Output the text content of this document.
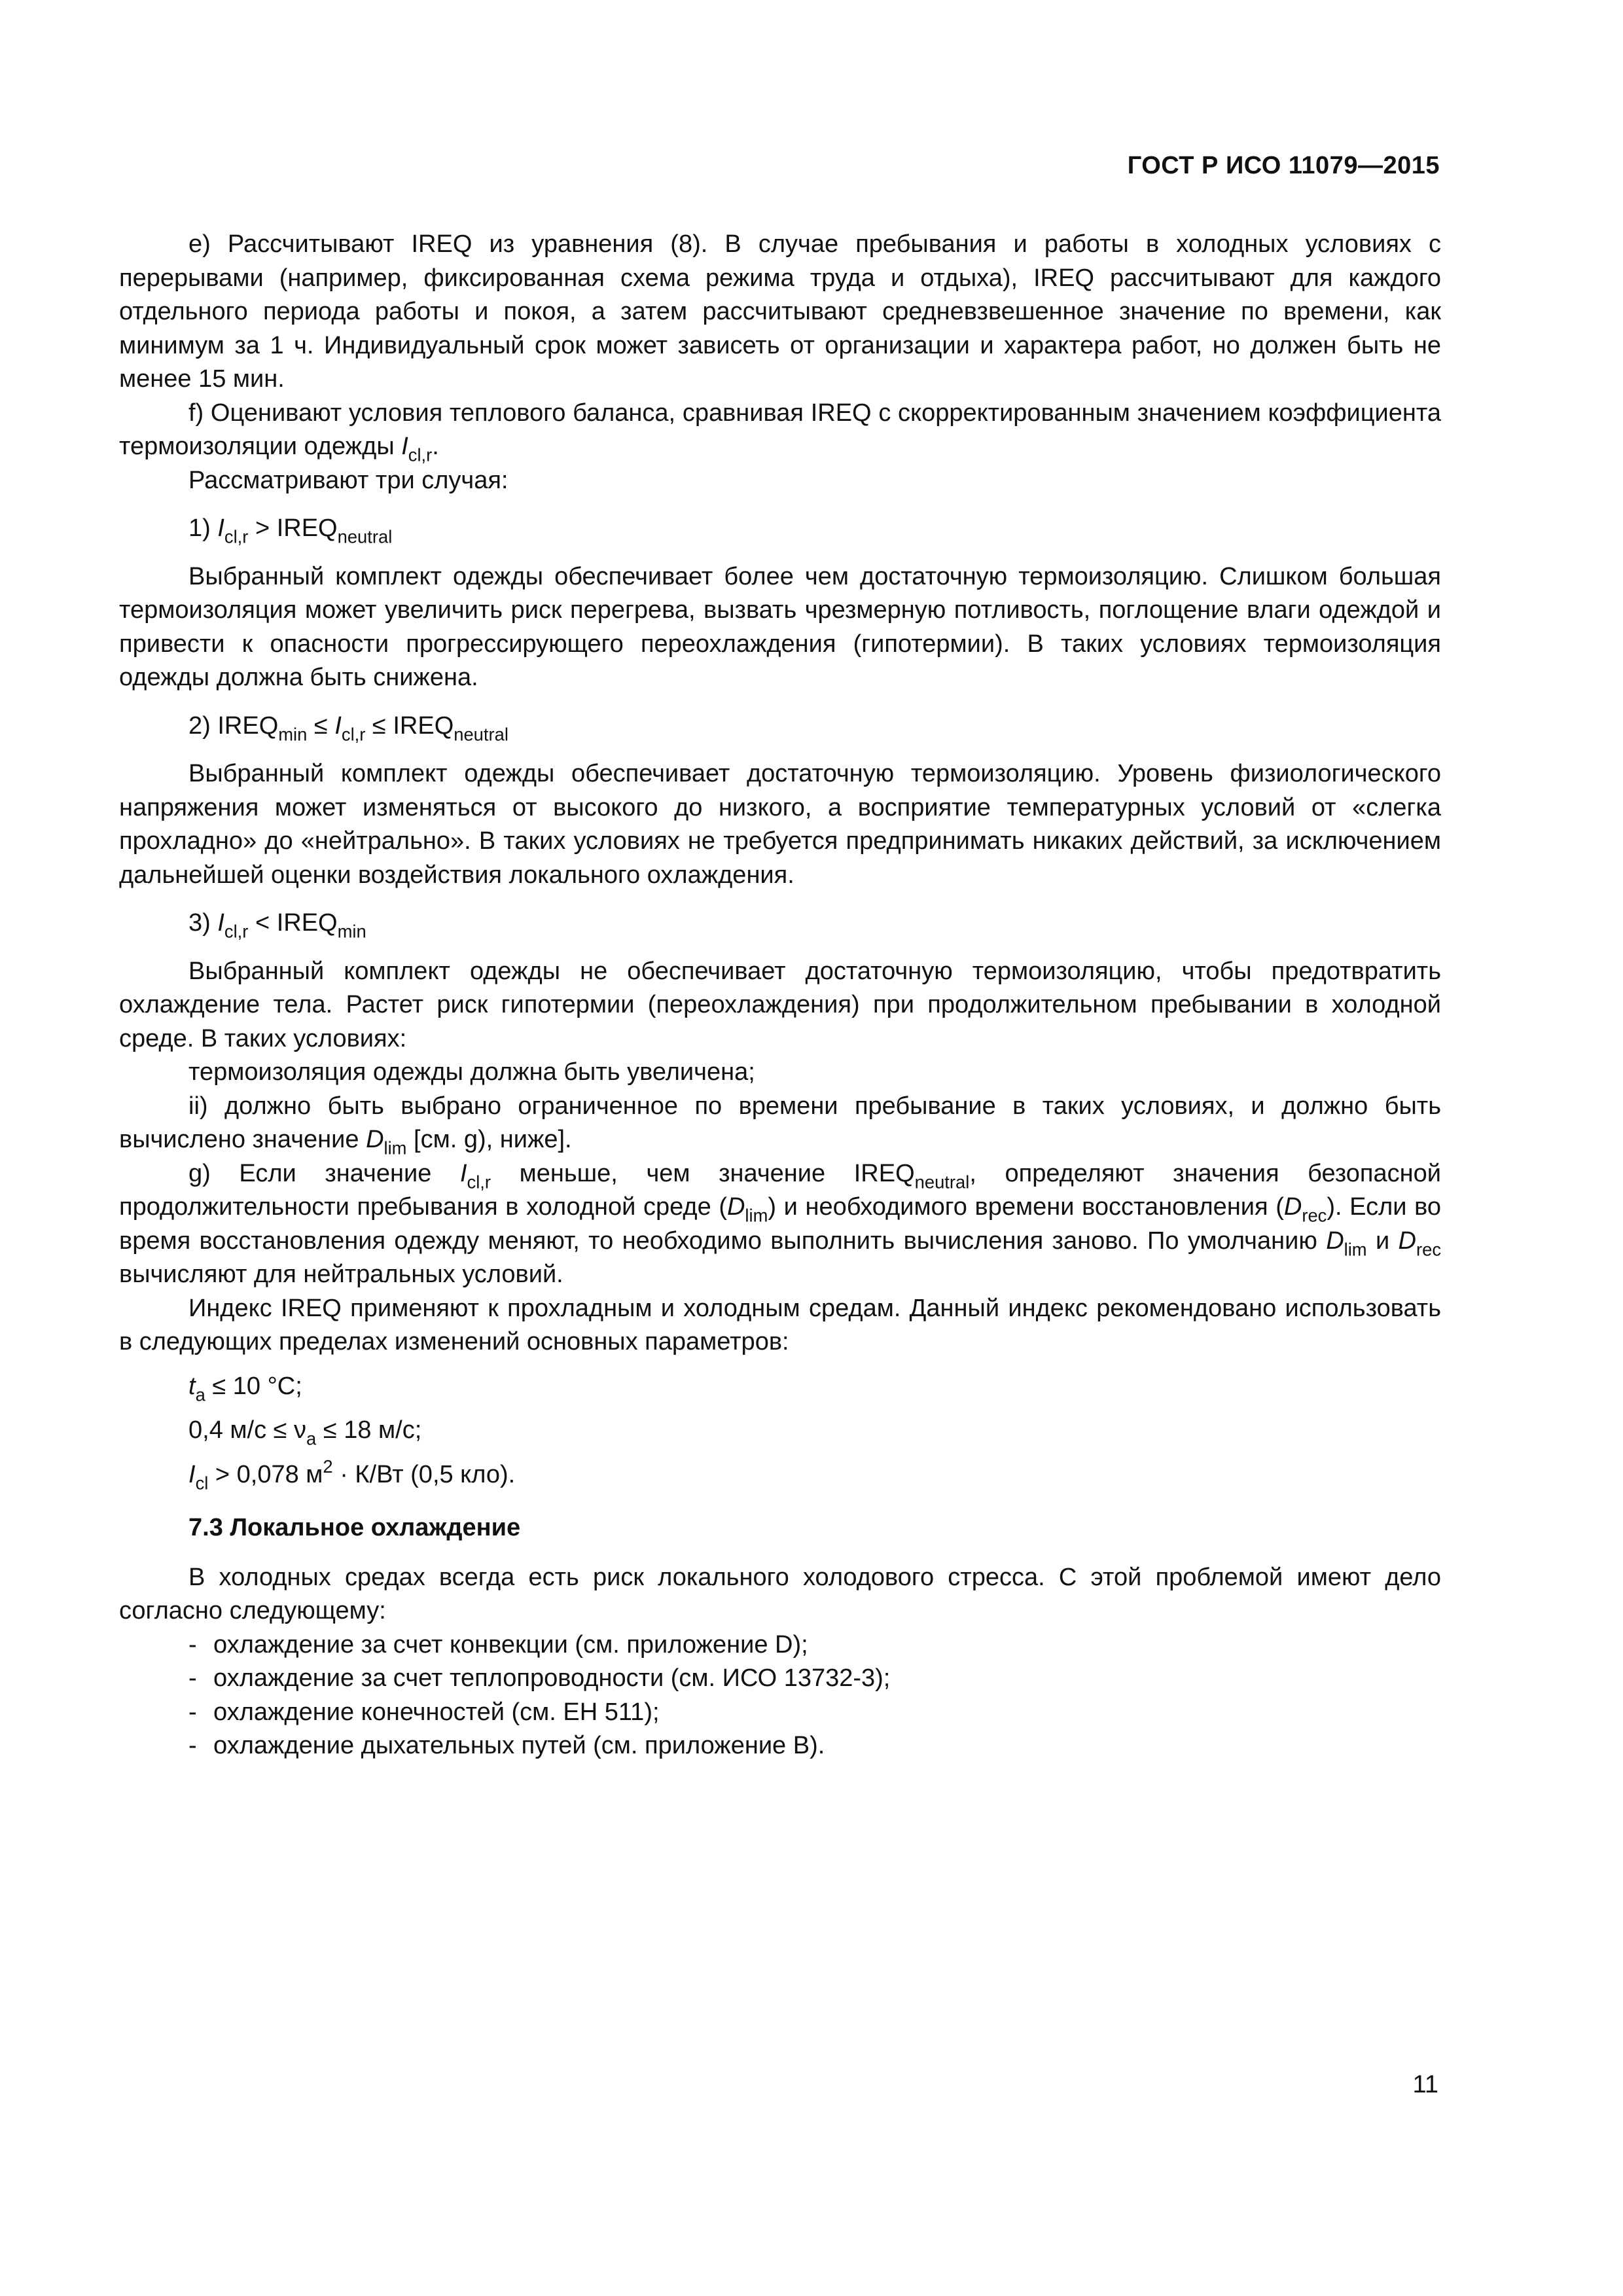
ГОСТ Р ИСО 11079—2015

е) Рассчитывают IREQ из уравнения (8). В случае пребывания и работы в холодных условиях с перерывами (например, фиксированная схема режима труда и отдыха), IREQ рассчитывают для каждого отдельного периода работы и покоя, а затем рассчитывают средневзвешенное значение по времени, как минимум за 1 ч. Индивидуальный срок может зависеть от организации и характера работ, но должен быть не менее 15 мин.

f) Оценивают условия теплового баланса, сравнивая IREQ с скорректированным значением коэффициента термоизоляции одежды $I_{cl,r}$.

Рассматривают три случая:

1) $I_{cl,r}$ > $IREQ_{neutral}$

Выбранный комплект одежды обеспечивает более чем достаточную термоизоляцию. Слишком большая термоизоляция может увеличить риск перегрева, вызвать чрезмерную потливость, поглощение влаги одеждой и привести к опасности прогрессирующего переохлаждения (гипотермии). В таких условиях термоизоляция одежды должна быть снижена.

2) $IREQ_{min} \le I_{cl,r}$ ≤ $IREQ_{neutral}$

Выбранный комплект одежды обеспечивает достаточную термоизоляцию. Уровень физиологического напряжения может изменяться от высокого до низкого, а восприятие температурных условий от «слегка прохладно» до «нейтрально». В таких условиях не требуется предпринимать никаких действий, за исключением дальнейшей оценки воздействия локального охлаждения.

3) $I_{cl,r}$ < $IREQ_{min}$

Выбранный комплект одежды не обеспечивает достаточную термоизоляцию, чтобы предотвратить охлаждение тела. Растет риск гипотермии (переохлаждения) при продолжительном пребывании в холодной среде. В таких условиях:

термоизоляция одежды должна быть увеличена;

ii) должно быть выбрано ограниченное по времени пребывание в таких условиях, и должно быть вычислено значение $D_{lim}$ [см. g), ниже].

g) Если значение $I_{cl,r}$ меньше, чем значение $IREQ_{neutral}$, определяют значения безопасной продолжительности пребывания в холодной среде $(D_{lim})$ и необходимого времени восстановления $(D_{rec})$. Если во время восстановления одежду меняют, то необходимо выполнить вычисления заново. По умолчанию $D_{lim}$ и $D_{rec}$ вычисляют для нейтральных условий.

Индекс IREQ применяют к прохладным и холодным средам. Данный индекс рекомендовано использовать в следующих пределах изменений основных параметров:

$t_a \le 10$ °C;
0,4 $м/с \le \nu_a \le 18$ м/с;
$I_{cl} > 0,078$ $м^2 \cdot К/Вт$ (0,5 кло).
7.3 Локальное охлаждение

В холодных средах всегда есть риск локального холодового стресса. С этой проблемой имеют дело согласно следующему:

- охлаждение за счет конвекции (см. приложение D);
- охлаждение за счет теплопроводности (см. ИСО 13732-3);
- охлаждение конечностей (см. ЕН 511);
- охлаждение дыхательных путей (см. приложение В).
11
